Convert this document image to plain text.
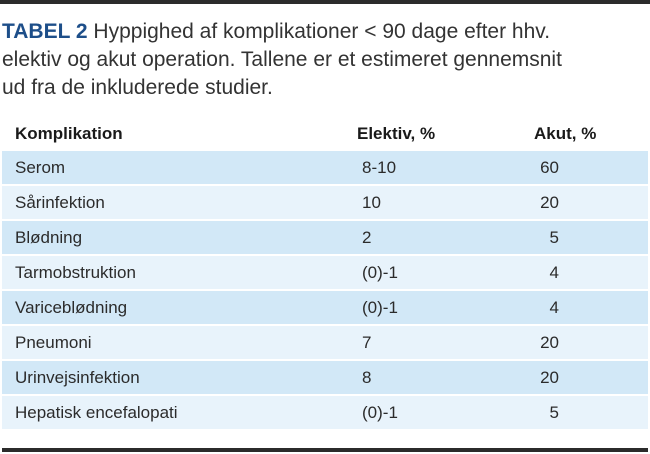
TABEL 2 Hyppighed af komplikationer < 90 dage efter hhv. elektiv og akut operation. Tallene er et estimeret gennemsnit ud fra de inkluderede studier.

Komplikation	Elektiv, %	Akut, %
Serom	8-10	60
Sårinfektion	10	20
Blødning	2	5
Tarmobstruktion	(0)-1	4
Variceblødning	(0)-1	4
Pneumoni	7	20
Urinvejsinfektion	8	20
Hepatisk encefalopati	(0)-1	5
